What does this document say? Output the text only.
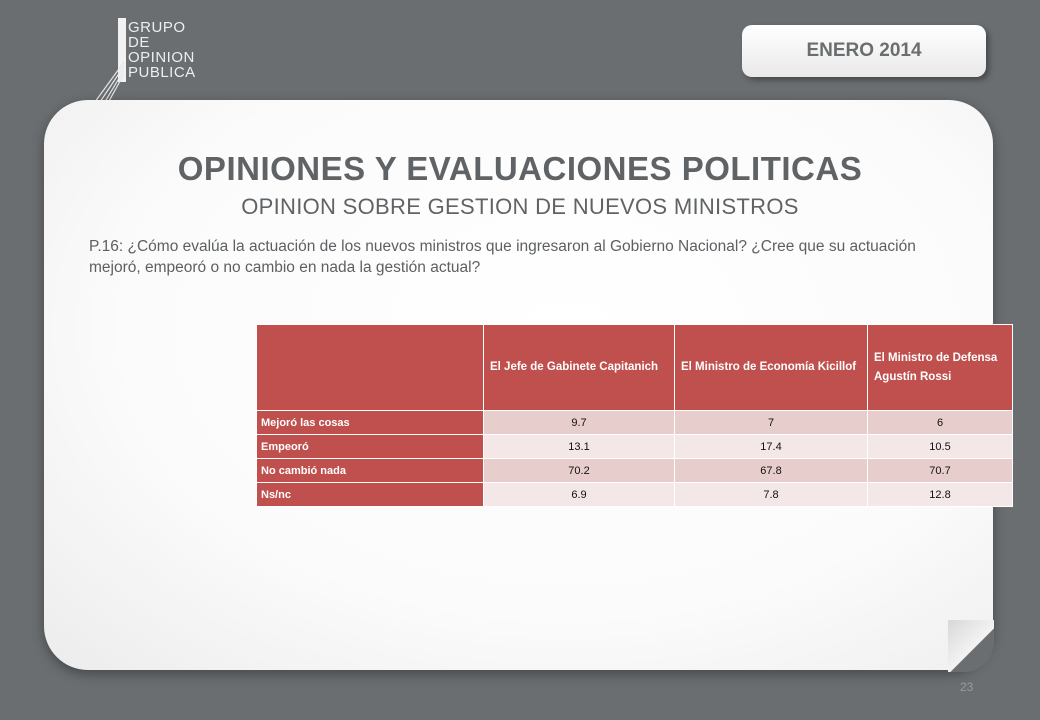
GRUPO
DE
OPINION
PUBLICA
ENERO 2014
OPINIONES Y EVALUACIONES POLITICAS
OPINION SOBRE GESTION DE NUEVOS MINISTROS
P.16: ¿Cómo evalúa la actuación de los nuevos ministros que ingresaron al Gobierno Nacional? ¿Cree que su actuación mejoró, empeoró o no cambio en nada la gestión actual?
	El Jefe de Gabinete Capitanich	El Ministro de Economía Kicillof	El Ministro de Defensa Agustín Rossi
Mejoró las cosas	9.7	7	6
Empeoró	13.1	17.4	10.5
No cambió nada	70.2	67.8	70.7
Ns/nc	6.9	7.8	12.8
23
